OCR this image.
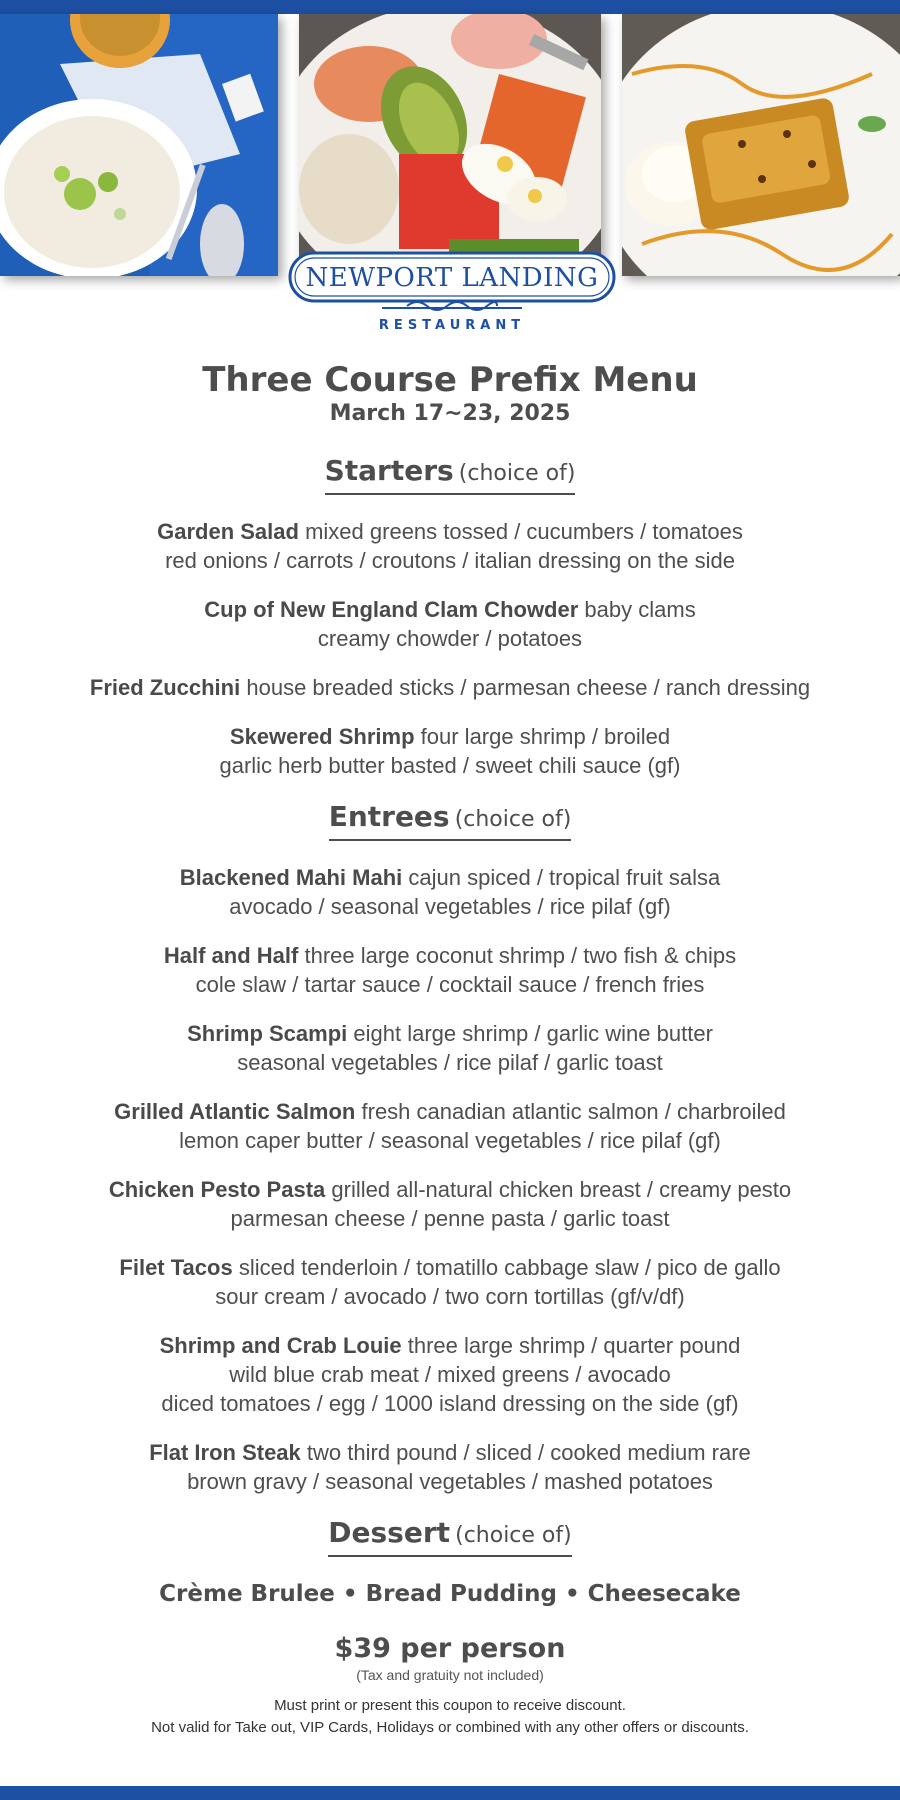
NEWPORT LANDING
RESTAURANT
Three Course Prefix Menu
March 17~23, 2025
Starters (choice of)
Garden Salad mixed greens tossed / cucumbers / tomatoes
red onions / carrots / croutons / italian dressing on the side
Cup of New England Clam Chowder baby clams
creamy chowder / potatoes
Fried Zucchini house breaded sticks / parmesan cheese / ranch dressing
Skewered Shrimp four large shrimp / broiled
garlic herb butter basted / sweet chili sauce (gf)
Entrees (choice of)
Blackened Mahi Mahi cajun spiced / tropical fruit salsa
avocado / seasonal vegetables / rice pilaf (gf)
Half and Half three large coconut shrimp / two fish & chips
cole slaw / tartar sauce / cocktail sauce / french fries
Shrimp Scampi eight large shrimp / garlic wine butter
seasonal vegetables / rice pilaf / garlic toast
Grilled Atlantic Salmon fresh canadian atlantic salmon / charbroiled
lemon caper butter / seasonal vegetables / rice pilaf (gf)
Chicken Pesto Pasta grilled all-natural chicken breast / creamy pesto
parmesan cheese / penne pasta / garlic toast
Filet Tacos sliced tenderloin / tomatillo cabbage slaw / pico de gallo
sour cream / avocado / two corn tortillas (gf/v/df)
Shrimp and Crab Louie three large shrimp / quarter pound
wild blue crab meat / mixed greens / avocado
diced tomatoes / egg / 1000 island dressing on the side (gf)
Flat Iron Steak two third pound / sliced / cooked medium rare
brown gravy / seasonal vegetables / mashed potatoes
Dessert (choice of)
Crème Brulee • Bread Pudding • Cheesecake
$39 per person
(Tax and gratuity not included)
Must print or present this coupon to receive discount.
Not valid for Take out, VIP Cards, Holidays or combined with any other offers or discounts.
